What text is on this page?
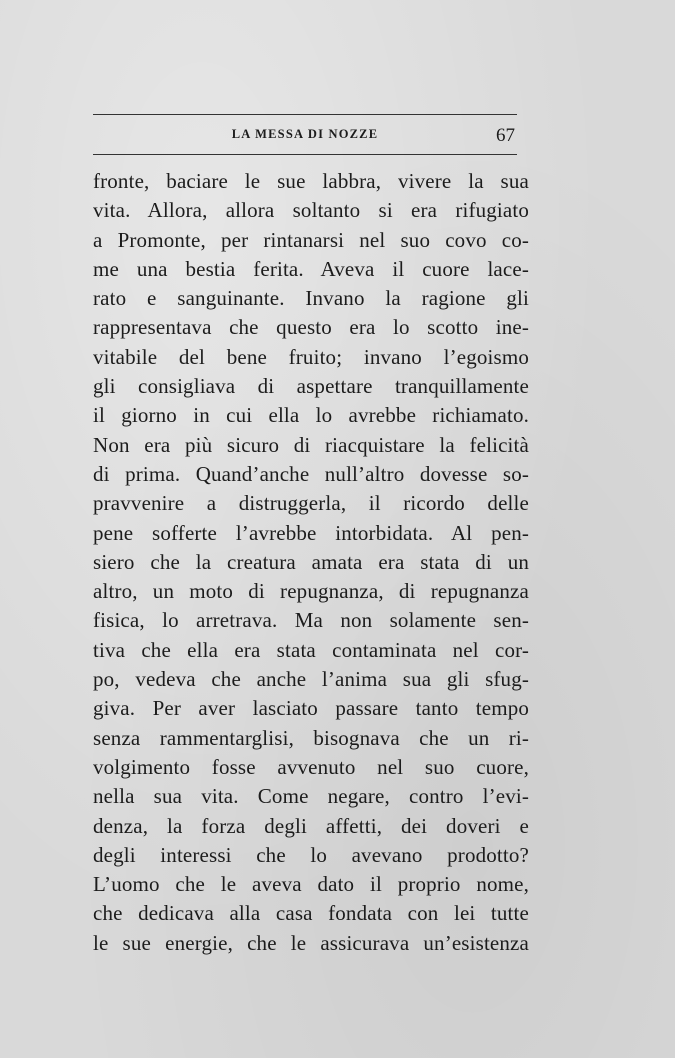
LA MESSA DI NOZZE	67
fronte, baciare le sue labbra, vivere la sua
vita. Allora, allora soltanto si era rifugiato
a Promonte, per rintanarsi nel suo covo co-
me una bestia ferita. Aveva il cuore lace-
rato e sanguinante. Invano la ragione gli
rappresentava che questo era lo scotto ine-
vitabile del bene fruito; invano l’egoismo
gli consigliava di aspettare tranquillamente
il giorno in cui ella lo avrebbe richiamato.
Non era più sicuro di riacquistare la felicità
di prima. Quand’anche null’altro dovesse so-
pravvenire a distruggerla, il ricordo delle
pene sofferte l’avrebbe intorbidata. Al pen-
siero che la creatura amata era stata di un
altro, un moto di repugnanza, di repugnanza
fisica, lo arretrava. Ma non solamente sen-
tiva che ella era stata contaminata nel cor-
po, vedeva che anche l’anima sua gli sfug-
giva. Per aver lasciato passare tanto tempo
senza rammentarglisi, bisognava che un ri-
volgimento fosse avvenuto nel suo cuore,
nella sua vita. Come negare, contro l’evi-
denza, la forza degli affetti, dei doveri e
degli interessi che lo avevano prodotto?
L’uomo che le aveva dato il proprio nome,
che dedicava alla casa fondata con lei tutte
le sue energie, che le assicurava un’esistenza
